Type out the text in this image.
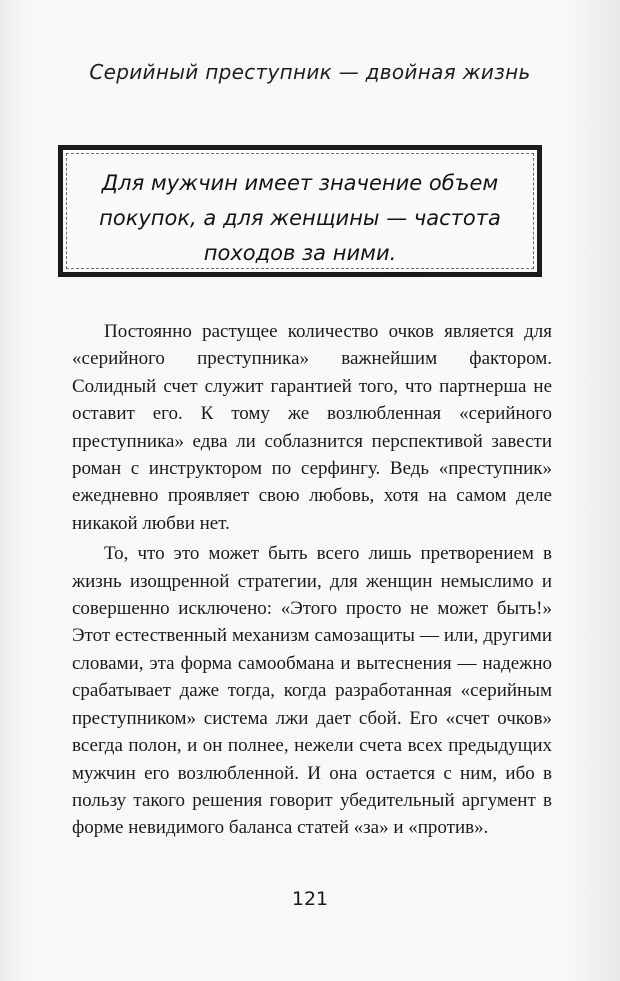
Серийный преступник — двойная жизнь
Для мужчин имеет значение объем покупок, а для женщины — частота походов за ними.

Постоянно растущее количество очков является для «серийного преступника» важнейшим фактором. Солидный счет служит гарантией того, что партнерша не оставит его. К тому же возлюбленная «серийного преступника» едва ли соблазнится перспективой завести роман с инструктором по серфингу. Ведь «преступник» ежедневно проявляет свою любовь, хотя на самом деле никакой любви нет.

То, что это может быть всего лишь претворением в жизнь изощренной стратегии, для женщин немыслимо и совершенно исключено: «Этого просто не может быть!» Этот естественный механизм самозащиты — или, другими словами, эта форма самообмана и вытеснения — надежно срабатывает даже тогда, когда разработанная «серийным преступником» система лжи дает сбой. Его «счет очков» всегда полон, и он полнее, нежели счета всех предыдущих мужчин его возлюбленной. И она остается с ним, ибо в пользу такого решения говорит убедительный аргумент в форме невидимого баланса статей «за» и «против».

121
